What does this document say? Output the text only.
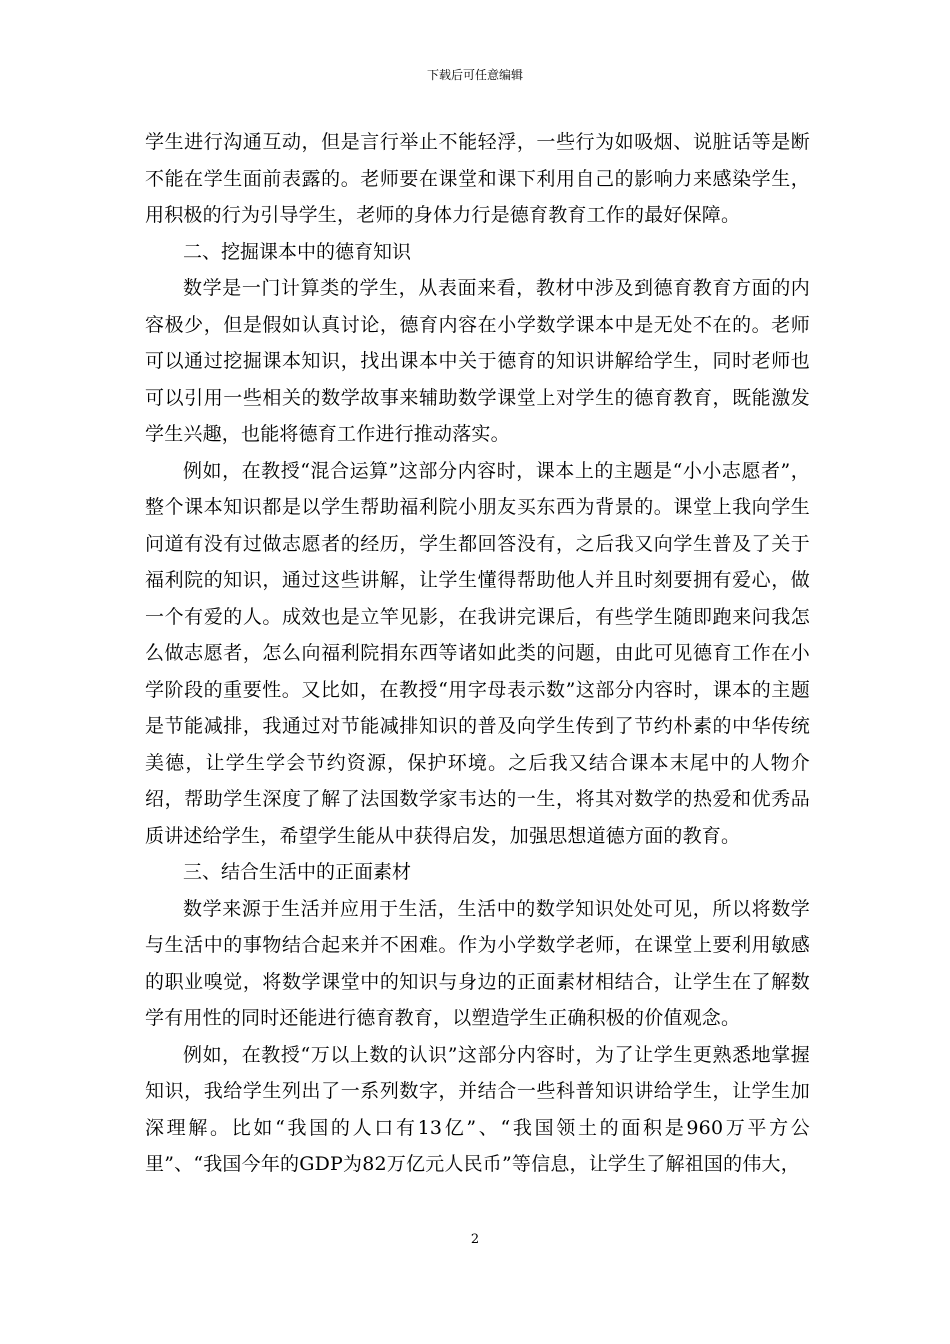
下载后可任意编辑

学生进行沟通互动，但是言行举止不能轻浮，一些行为如吸烟、说脏话等是断不能在学生面前表露的。老师要在课堂和课下利用自己的影响力来感染学生，用积极的行为引导学生，老师的身体力行是德育教育工作的最好保障。

二、挖掘课本中的德育知识

数学是一门计算类的学生，从表面来看，教材中涉及到德育教育方面的内容极少，但是假如认真讨论，德育内容在小学数学课本中是无处不在的。老师可以通过挖掘课本知识，找出课本中关于德育的知识讲解给学生，同时老师也可以引用一些相关的数学故事来辅助数学课堂上对学生的德育教育，既能激发学生兴趣，也能将德育工作进行推动落实。

例如，在教授“混合运算”这部分内容时，课本上的主题是“小小志愿者”，整个课本知识都是以学生帮助福利院小朋友买东西为背景的。课堂上我向学生问道有没有过做志愿者的经历，学生都回答没有，之后我又向学生普及了关于福利院的知识，通过这些讲解，让学生懂得帮助他人并且时刻要拥有爱心，做一个有爱的人。成效也是立竿见影，在我讲完课后，有些学生随即跑来问我怎么做志愿者，怎么向福利院捐东西等诸如此类的问题，由此可见德育工作在小学阶段的重要性。又比如，在教授“用字母表示数”这部分内容时，课本的主题是节能减排，我通过对节能减排知识的普及向学生传到了节约朴素的中华传统美德，让学生学会节约资源，保护环境。之后我又结合课本末尾中的人物介绍，帮助学生深度了解了法国数学家韦达的一生，将其对数学的热爱和优秀品质讲述给学生，希望学生能从中获得启发，加强思想道德方面的教育。

三、结合生活中的正面素材

数学来源于生活并应用于生活，生活中的数学知识处处可见，所以将数学与生活中的事物结合起来并不困难。作为小学数学老师，在课堂上要利用敏感的职业嗅觉，将数学课堂中的知识与身边的正面素材相结合，让学生在了解数学有用性的同时还能进行德育教育，以塑造学生正确积极的价值观念。

例如，在教授“万以上数的认识”这部分内容时，为了让学生更熟悉地掌握知识，我给学生列出了一系列数字，并结合一些科普知识讲给学生，让学生加深理解。比如“我国的人口有13亿”、“我国领土的面积是960万平方公里”、“我国今年的GDP为82万亿元人民币”等信息，让学生了解祖国的伟大，

2
